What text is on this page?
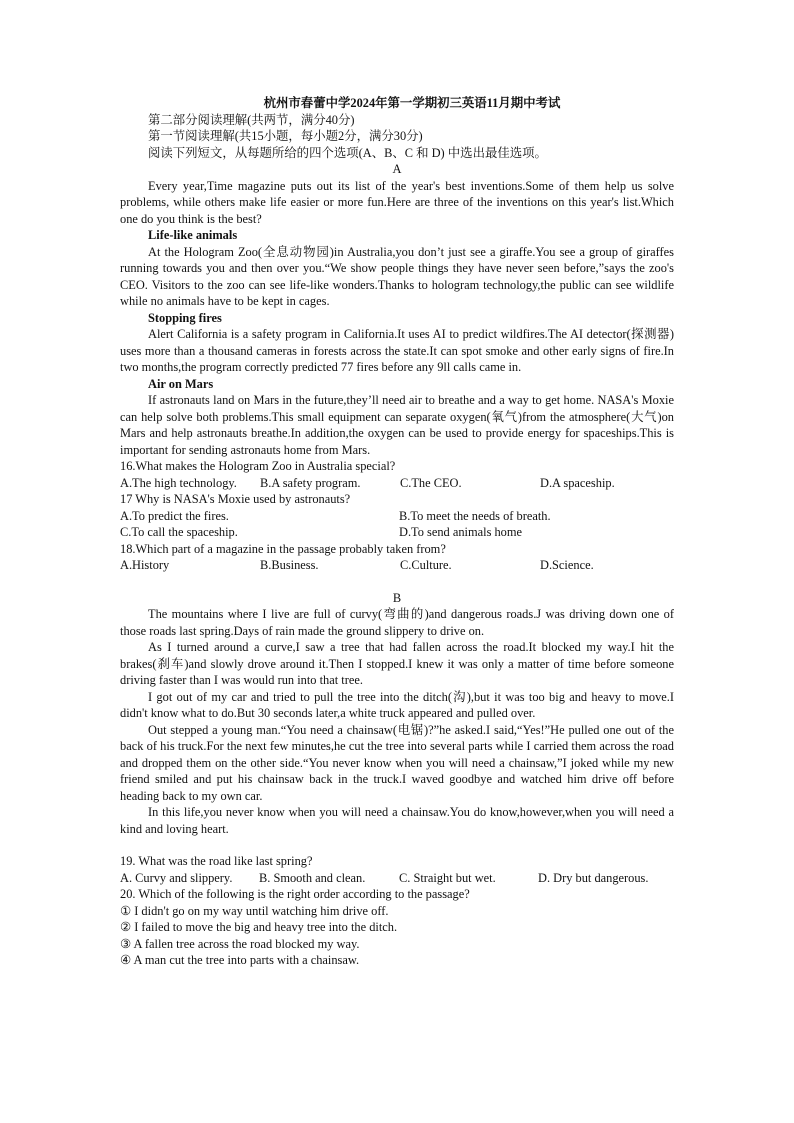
杭州市春蕾中学2024年第一学期初三英语11月期中考试
第二部分阅读理解(共两节，满分40分)
第一节阅读理解(共15小题，每小题2分，满分30分)
阅读下列短文，从每题所给的四个选项(A、B、C 和 D) 中选出最佳选项。
A

Every year,Time magazine puts out its list of the year's best inventions.Some of them help us solve problems, while others make life easier or more fun.Here are three of the inventions on this year's list.Which one do you think is the best?

Life-like animals

At the Hologram Zoo(全息动物园)in Australia,you don’t just see a giraffe.You see a group of giraffes running towards you and then over you.“We show people things they have never seen before,”says the zoo's CEO. Visitors to the zoo can see life-like wonders.Thanks to hologram technology,the public can see wildlife while no animals have to be kept in cages.

Stopping fires

Alert California is a safety program in California.It uses AI to predict wildfires.The AI detector(探测器) uses more than a thousand cameras in forests across the state.It can spot smoke and other early signs of fire.In two months,the program correctly predicted 77 fires before any 9ll calls came in.

Air on Mars

If astronauts land on Mars in the future,they’ll need air to breathe and a way to get home. NASA's Moxie can help solve both problems.This small equipment can separate oxygen(氧气)from the atmosphere(大气)on Mars and help astronauts breathe.In addition,the oxygen can be used to provide energy for spaceships.This is important for sending astronauts home from Mars.

16.What makes the Hologram Zoo in Australia special?
A.The high technology.	B.A safety program.	C.The CEO.	D.A spaceship.
17 Why is NASA's Moxie used by astronauts?
A.To predict the fires.	B.To meet the needs of breath.
C.To call the spaceship.	D.To send animals home
18.Which part of a magazine in the passage probably taken from?
A.History	B.Business.	C.Culture.	D.Science.
B

The mountains where I live are full of curvy(弯曲的)and dangerous roads.J was driving down one of those roads last spring.Days of rain made the ground slippery to drive on.

As I turned around a curve,I saw a tree that had fallen across the road.It blocked my way.I hit the brakes(刹车)and slowly drove around it.Then I stopped.I knew it was only a matter of time before someone driving faster than I was would run into that tree.

I got out of my car and tried to pull the tree into the ditch(沟),but it was too big and heavy to move.I didn't know what to do.But 30 seconds later,a white truck appeared and pulled over.

Out stepped a young man.“You need a chainsaw(电锯)?”he asked.I said,“Yes!”He pulled one out of the back of his truck.For the next few minutes,he cut the tree into several parts while I carried them across the road and dropped them on the other side.“You never know when you will need a chainsaw,”I joked while my new friend smiled and put his chainsaw back in the truck.I waved goodbye and watched him drive off before heading back to my own car.

In this life,you never know when you will need a chainsaw.You do know,however,when you will need a kind and loving heart.

19. What was the road like last spring?
A. Curvy and slippery.	B. Smooth and clean.	C. Straight but wet.	D. Dry but dangerous.
20. Which of the following is the right order according to the passage?
① I didn't go on my way until watching him drive off.
② I failed to move the big and heavy tree into the ditch.
③ A fallen tree across the road blocked my way.
④ A man cut the tree into parts with a chainsaw.
